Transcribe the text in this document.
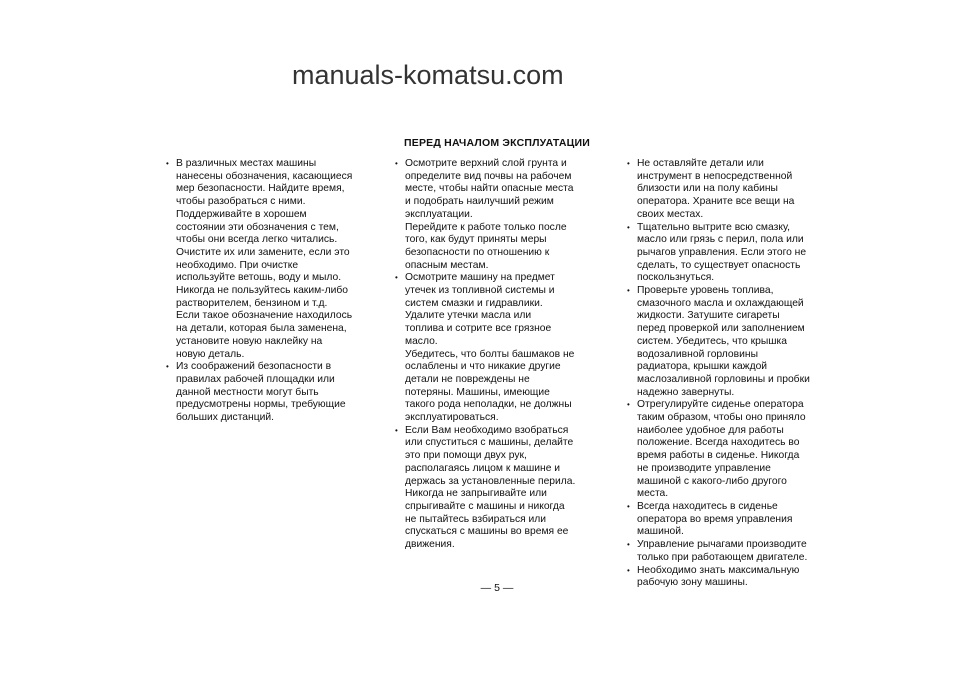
manuals-komatsu.com
ПЕРЕД НАЧАЛОМ ЭКСПЛУАТАЦИИ
• В различных местах машины
нанесены обозначения, касающиеся
мер безопасности. Найдите время,
чтобы разобраться с ними.
Поддерживайте в хорошем
состоянии эти обозначения с тем,
чтобы они всегда легко читались.
Очистите их или замените, если это
необходимо. При очистке
используйте ветошь, воду и мыло.
Никогда не пользуйтесь каким-либо
растворителем, бензином и т.д.
Если такое обозначение находилось
на детали, которая была заменена,
установите новую наклейку на
новую деталь.
• Из соображений безопасности в
правилах рабочей площадки или
данной местности могут быть
предусмотрены нормы, требующие
больших дистанций.
• Осмотрите верхний слой грунта и
определите вид почвы на рабочем
месте, чтобы найти опасные места
и подобрать наилучший режим
эксплуатации.
Перейдите к работе только после
того, как будут приняты меры
безопасности по отношению к
опасным местам.
• Осмотрите машину на предмет
утечек из топливной системы и
систем смазки и гидравлики.
Удалите утечки масла или
топлива и сотрите все грязное
масло.
Убедитесь, что болты башмаков не
ослаблены и что никакие другие
детали не повреждены не
потеряны. Машины, имеющие
такого рода неполадки, не должны
эксплуатироваться.
• Если Вам необходимо взобраться
или спуститься с машины, делайте
это при помощи двух рук,
располагаясь лицом к машине и
держась за установленные перила.
Никогда не запрыгивайте или
спрыгивайте с машины и никогда
не пытайтесь взбираться или
спускаться с машины во время ее
движения.
• Не оставляйте детали или
инструмент в непосредственной
близости или на полу кабины
оператора. Храните все вещи на
своих местах.
• Тщательно вытрите всю смазку,
масло или грязь с перил, пола или
рычагов управления. Если этого не
сделать, то существует опасность
поскользнуться.
• Проверьте уровень топлива,
смазочного масла и охлаждающей
жидкости. Затушите сигареты
перед проверкой или заполнением
систем. Убедитесь, что крышка
водозаливной горловины
радиатора, крышки каждой
маслозаливной горловины и пробки
надежно завернуты.
• Отрегулируйте сиденье оператора
таким образом, чтобы оно приняло
наиболее удобное для работы
положение. Всегда находитесь во
время работы в сиденье. Никогда
не производите управление
машиной с какого-либо другого
места.
• Всегда находитесь в сиденье
оператора во время управления
машиной.
• Управление рычагами производите
только при работающем двигателе.
• Необходимо знать максимальную
рабочую зону машины.
— 5 —
